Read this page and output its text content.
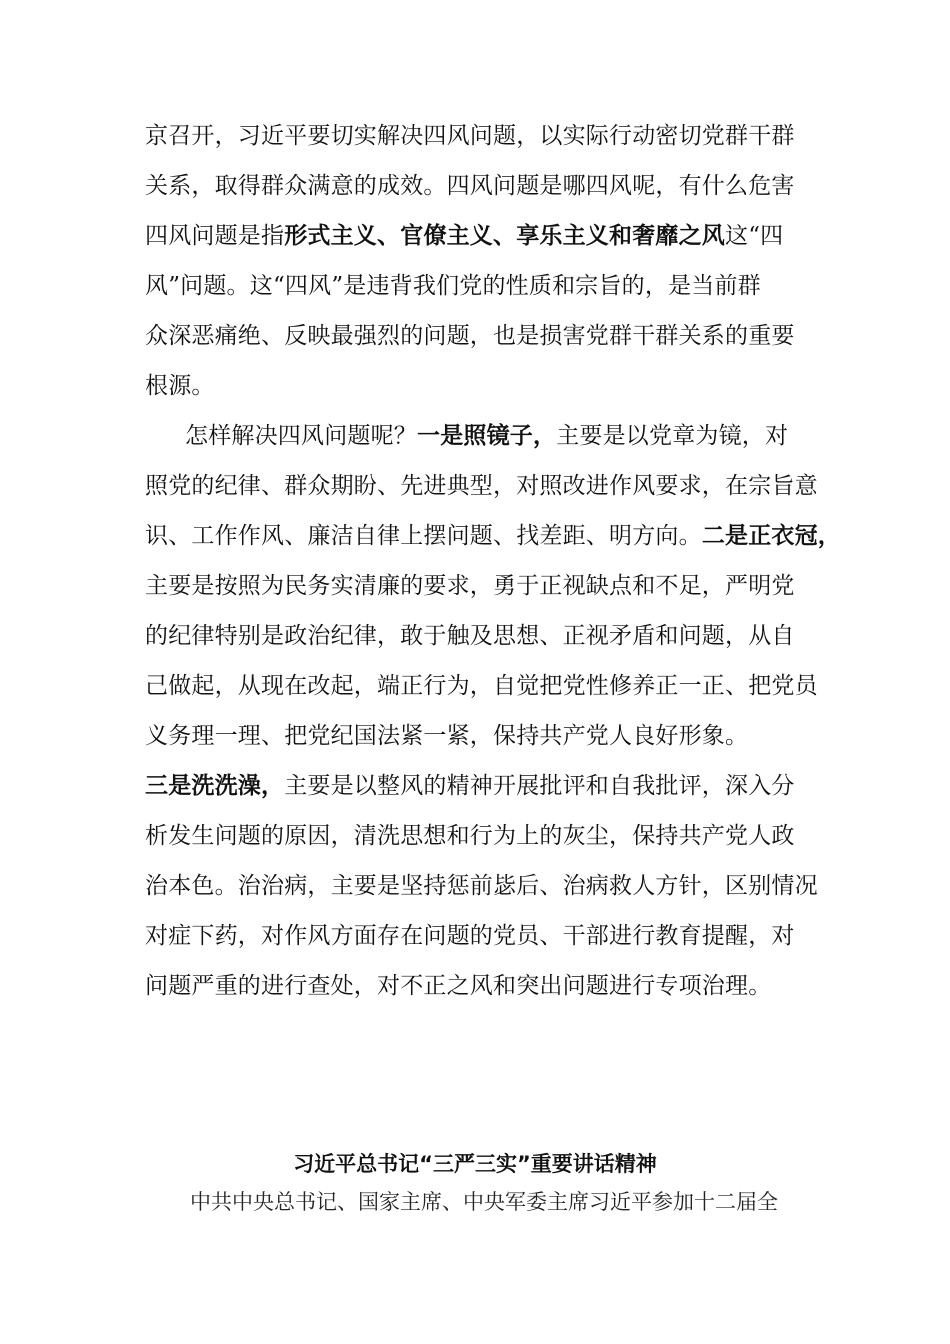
京召开，习近平要切实解决四风问题，以实际行动密切党群干群
关系，取得群众满意的成效。四风问题是哪四风呢，有什么危害
四风问题是指形式主义、官僚主义、享乐主义和奢靡之风这“四
风”问题。这“四风”是违背我们党的性质和宗旨的，是当前群
众深恶痛绝、反映最强烈的问题，也是损害党群干群关系的重要
根源。
怎样解决四风问题呢？一是照镜子，主要是以党章为镜，对
照党的纪律、群众期盼、先进典型，对照改进作风要求，在宗旨意
识、工作作风、廉洁自律上摆问题、找差距、明方向。二是正衣冠，
主要是按照为民务实清廉的要求，勇于正视缺点和不足，严明党
的纪律特别是政治纪律，敢于触及思想、正视矛盾和问题，从自
己做起，从现在改起，端正行为，自觉把党性修养正一正、把党员
义务理一理、把党纪国法紧一紧，保持共产党人良好形象。
三是洗洗澡，主要是以整风的精神开展批评和自我批评，深入分
析发生问题的原因，清洗思想和行为上的灰尘，保持共产党人政
治本色。治治病，主要是坚持惩前毖后、治病救人方针，区别情况
对症下药，对作风方面存在问题的党员、干部进行教育提醒，对
问题严重的进行查处，对不正之风和突出问题进行专项治理。
习近平总书记“三严三实”重要讲话精神
中共中央总书记、国家主席、中央军委主席习近平参加十二届全
